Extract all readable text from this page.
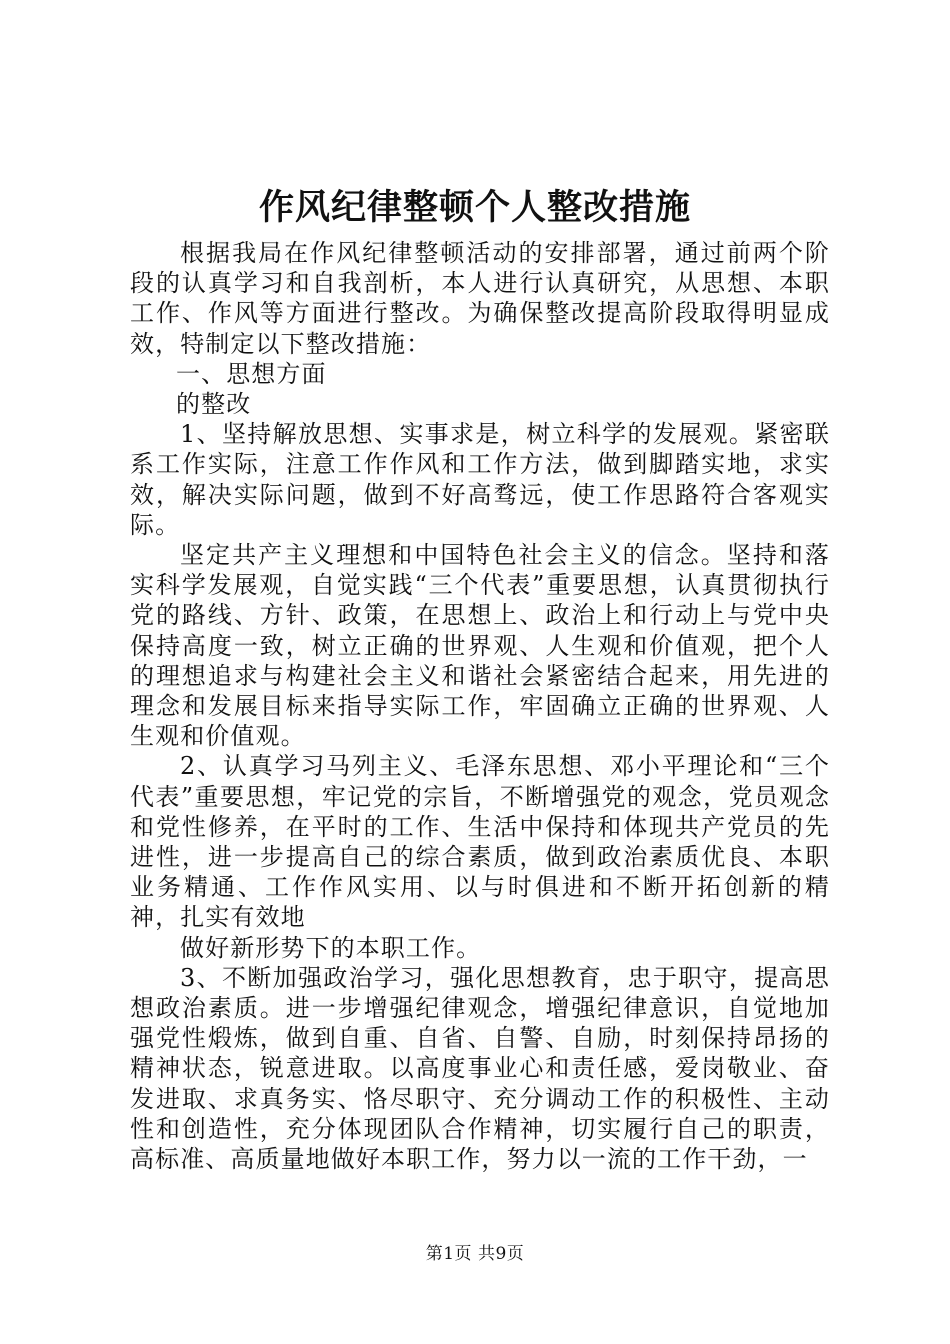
作风纪律整顿个人整改措施

根据我局在作风纪律整顿活动的安排部署，通过前两个阶段的认真学习和自我剖析，本人进行认真研究，从思想、本职工作、作风等方面进行整改。为确保整改提高阶段取得明显成效，特制定以下整改措施：

一、思想方面

的整改

1、坚持解放思想、实事求是，树立科学的发展观。紧密联系工作实际，注意工作作风和工作方法，做到脚踏实地，求实效，解决实际问题，做到不好高骛远，使工作思路符合客观实际。

坚定共产主义理想和中国特色社会主义的信念。坚持和落实科学发展观，自觉实践“三个代表”重要思想，认真贯彻执行党的路线、方针、政策，在思想上、政治上和行动上与党中央保持高度一致，树立正确的世界观、人生观和价值观，把个人的理想追求与构建社会主义和谐社会紧密结合起来，用先进的理念和发展目标来指导实际工作，牢固确立正确的世界观、人生观和价值观。

2、认真学习马列主义、毛泽东思想、邓小平理论和“三个代表”重要思想，牢记党的宗旨，不断增强党的观念，党员观念和党性修养，在平时的工作、生活中保持和体现共产党员的先进性，进一步提高自己的综合素质，做到政治素质优良、本职业务精通、工作作风实用、以与时俱进和不断开拓创新的精神，扎实有效地

做好新形势下的本职工作。

3、不断加强政治学习，强化思想教育，忠于职守，提高思想政治素质。进一步增强纪律观念，增强纪律意识，自觉地加强党性煅炼，做到自重、自省、自警、自励，时刻保持昂扬的精神状态，锐意进取。以高度事业心和责任感，爱岗敬业、奋发进取、求真务实、恪尽职守、充分调动工作的积极性、主动性和创造性，充分体现团队合作精神，切实履行自己的职责，高标准、高质量地做好本职工作，努力以一流的工作干劲，一

第1页 共9页
